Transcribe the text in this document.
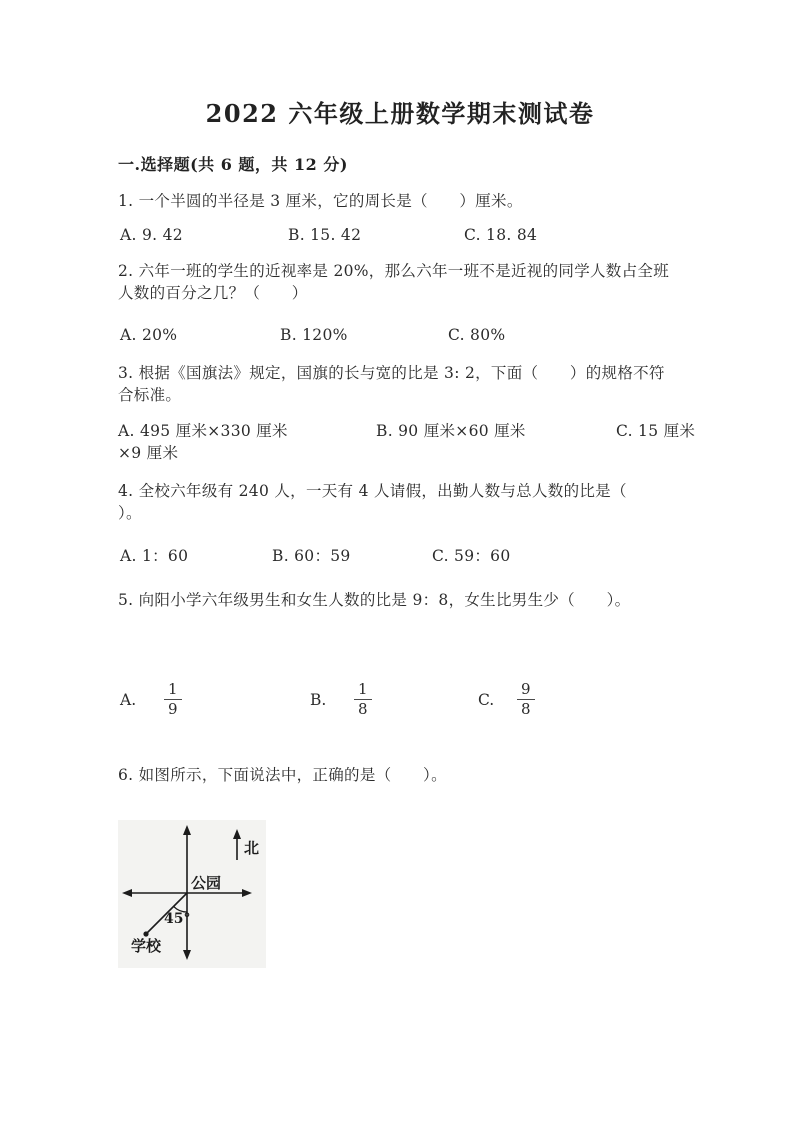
2022 六年级上册数学期末测试卷
一.选择题(共 6 题，共 12 分)
1. 一个半圆的半径是 3 厘米，它的周长是（　　）厘米。
A. 9. 42	B. 15. 42	C. 18. 84
2. 六年一班的学生的近视率是 20%，那么六年一班不是近视的同学人数占全班人数的百分之几？（　　）
A. 20%	B. 120%	C. 80%
3. 根据《国旗法》规定，国旗的长与宽的比是 3: 2，下面（　　）的规格不符合标准。
A. 495 厘米×330 厘米	B. 90 厘米×60 厘米	C. 15 厘米×9 厘米
4. 全校六年级有 240 人，一天有 4 人请假，出勤人数与总人数的比是（　　）。
A. 1：60	B. 60：59	C. 59：60
5. 向阳小学六年级男生和女生人数的比是 9：8，女生比男生少（　　）。
A. $\frac{1}{9}$	B. $\frac{1}{8}$	C. $\frac{9}{8}$
6. 如图所示，下面说法中，正确的是（　　）。
北
公园
45°
学校
